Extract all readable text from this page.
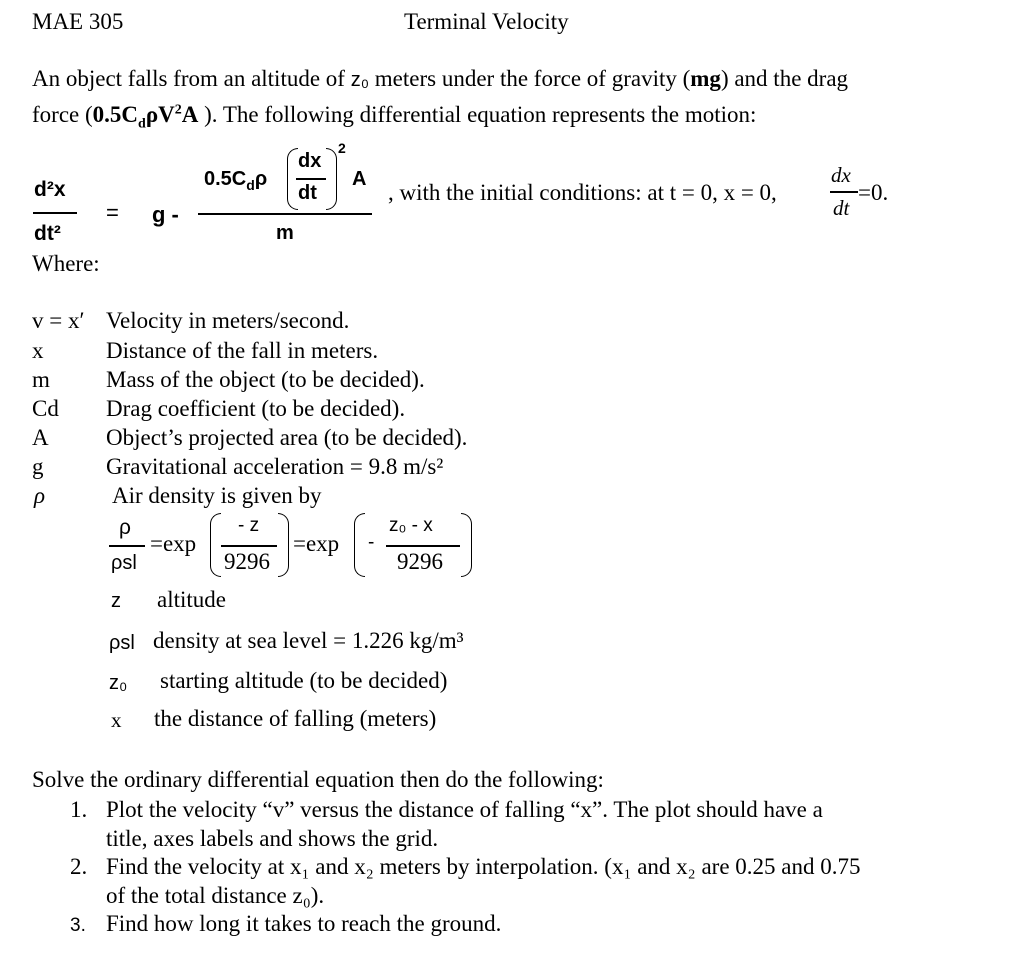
MAE 305	Terminal Velocity
An object falls from an altitude of z₀ meters under the force of gravity (mg) and the drag
force ($0.5C_d\rho V^2A$ ). The following differential equation represents the motion:
d²x
dt²
= g -
$0.5C_d\rho$
dx
dt
2
A
m
, with the initial conditions: at t = 0, x = 0,
dx
dt
=0.
Where:
v = x′ Velocity in meters/second.
x	Distance of the fall in meters.
m Mass of the object (to be decided).
Cd Drag coefficient (to be decided).
A Object’s projected area (to be decided).
g	Gravitational acceleration = 9.8 m/s²
ρ	Air density is given by
ρ
ρsl
=exp
- z
9296
=exp -
z₀ - x
9296
z altitude
ρsl density at sea level = 1.226 kg/m³
z₀ starting altitude (to be decided)
x the distance of falling (meters)
Solve the ordinary differential equation then do the following:
1. Plot the velocity “v” versus the distance of falling “x”. The plot should have a
title, axes labels and shows the grid.
2. Find the velocity at x₁ and x₂ meters by interpolation. (x₁ and x₂ are 0.25 and 0.75
of the total distance z₀).
3. Find how long it takes to reach the ground.
